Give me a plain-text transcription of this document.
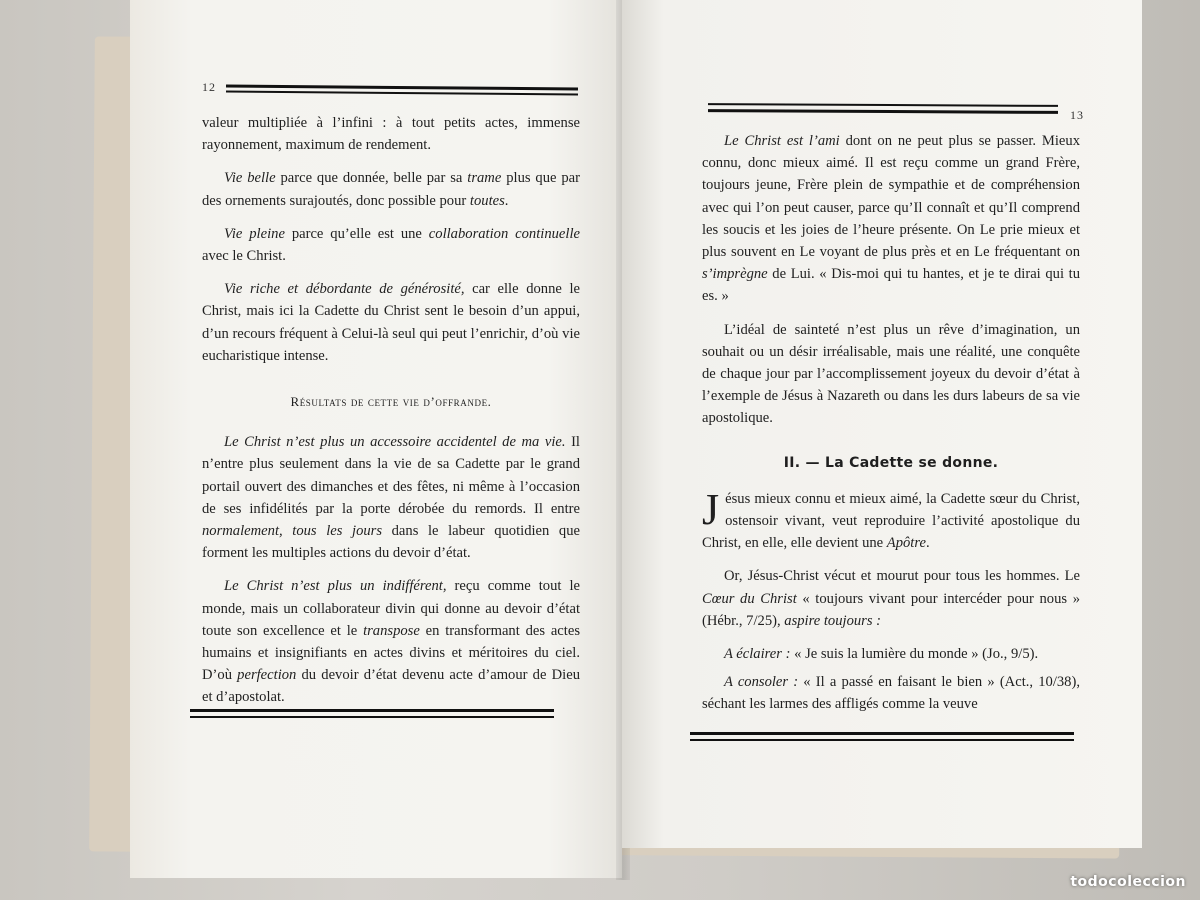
12

valeur multipliée à l’infini : à tout petits actes, immense rayonnement, maximum de rendement.

Vie belle parce que donnée, belle par sa trame plus que par des ornements surajoutés, donc possible pour toutes.

Vie pleine parce qu’elle est une collaboration continuelle avec le Christ.

Vie riche et débordante de générosité, car elle donne le Christ, mais ici la Cadette du Christ sent le besoin d’un appui, d’un recours fréquent à Celui-là seul qui peut l’enrichir, d’où vie eucharistique intense.

Résultats de cette vie d’offrande.

Le Christ n’est plus un accessoire accidentel de ma vie. Il n’entre plus seulement dans la vie de sa Cadette par le grand portail ouvert des dimanches et des fêtes, ni même à l’occasion de ses infidélités par la porte dérobée du remords. Il entre normalement, tous les jours dans le labeur quotidien que forment les multiples actions du devoir d’état.

Le Christ n’est plus un indifférent, reçu comme tout le monde, mais un collaborateur divin qui donne au devoir d’état toute son excellence et le transpose en transformant des actes humains et insignifiants en actes divins et méritoires du ciel. D’où perfection du devoir d’état devenu acte d’amour de Dieu et d’apostolat.

13

Le Christ est l’ami dont on ne peut plus se passer. Mieux connu, donc mieux aimé. Il est reçu comme un grand Frère, toujours jeune, Frère plein de sympathie et de compréhension avec qui l’on peut causer, parce qu’Il connaît et qu’Il comprend les soucis et les joies de l’heure présente. On Le prie mieux et plus souvent en Le voyant de plus près et en Le fréquentant on s’imprègne de Lui. « Dis-moi qui tu hantes, et je te dirai qui tu es. »

L’idéal de sainteté n’est plus un rêve d’imagination, un souhait ou un désir irréalisable, mais une réalité, une conquête de chaque jour par l’accomplissement joyeux du devoir d’état à l’exemple de Jésus à Nazareth ou dans les durs labeurs de sa vie apostolique.

II. — La Cadette se donne.

Jésus mieux connu et mieux aimé, la Cadette sœur du Christ, ostensoir vivant, veut reproduire l’activité apostolique du Christ, en elle, elle devient une Apôtre.

Or, Jésus-Christ vécut et mourut pour tous les hommes. Le Cœur du Christ « toujours vivant pour intercéder pour nous » (Hébr., 7/25), aspire toujours :

A éclairer : « Je suis la lumière du monde » (Jo., 9/5).

A consoler : « Il a passé en faisant le bien » (Act., 10/38), séchant les larmes des affligés comme la veuve

todocoleccion
